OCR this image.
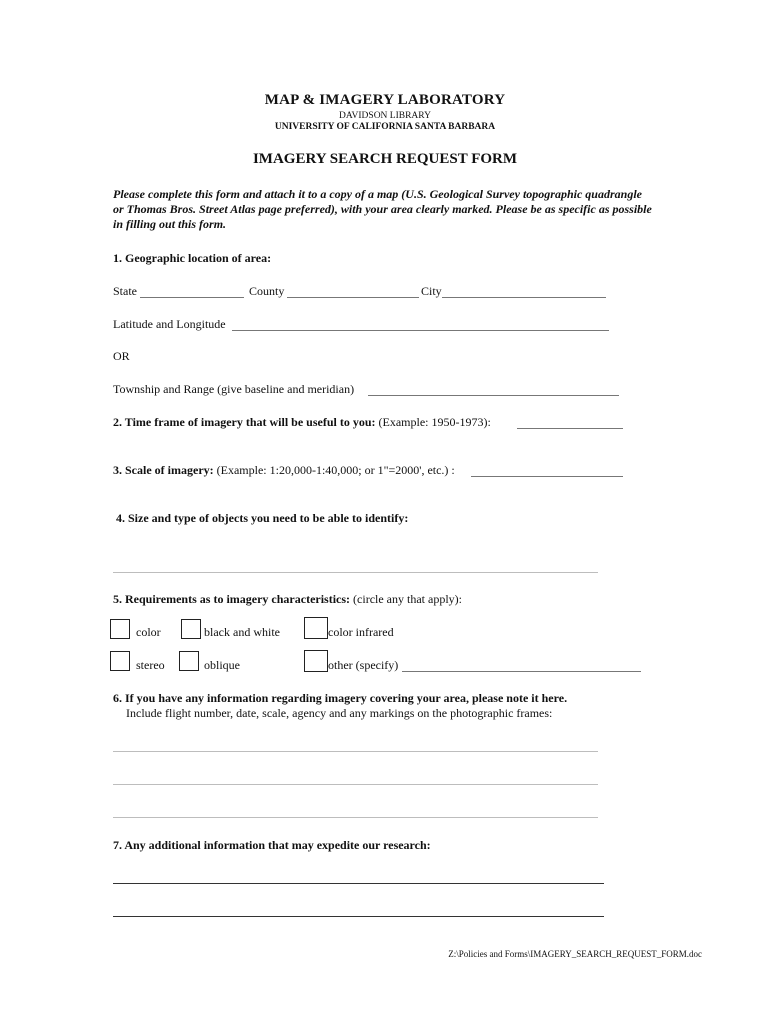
MAP & IMAGERY LABORATORY
DAVIDSON LIBRARY
UNIVERSITY OF CALIFORNIA SANTA BARBARA
IMAGERY SEARCH REQUEST FORM
Please complete this form and attach it to a copy of a map (U.S. Geological Survey topographic quadrangle or Thomas Bros. Street Atlas page preferred), with your area clearly marked. Please be as specific as possible in filling out this form.
1. Geographic location of area:
State	County	City
Latitude and Longitude
OR
Township and Range (give baseline and meridian)
2. Time frame of imagery that will be useful to you: (Example: 1950-1973):
3. Scale of imagery: (Example: 1:20,000-1:40,000; or 1"=2000', etc.) :
4. Size and type of objects you need to be able to identify:
5. Requirements as to imagery characteristics: (circle any that apply):
color	black and white	color infrared
stereo	oblique	other (specify)
6. If you have any information regarding imagery covering your area, please note it here.
Include flight number, date, scale, agency and any markings on the photographic frames:
7. Any additional information that may expedite our research:
Z:\Policies and Forms\IMAGERY_SEARCH_REQUEST_FORM.doc
